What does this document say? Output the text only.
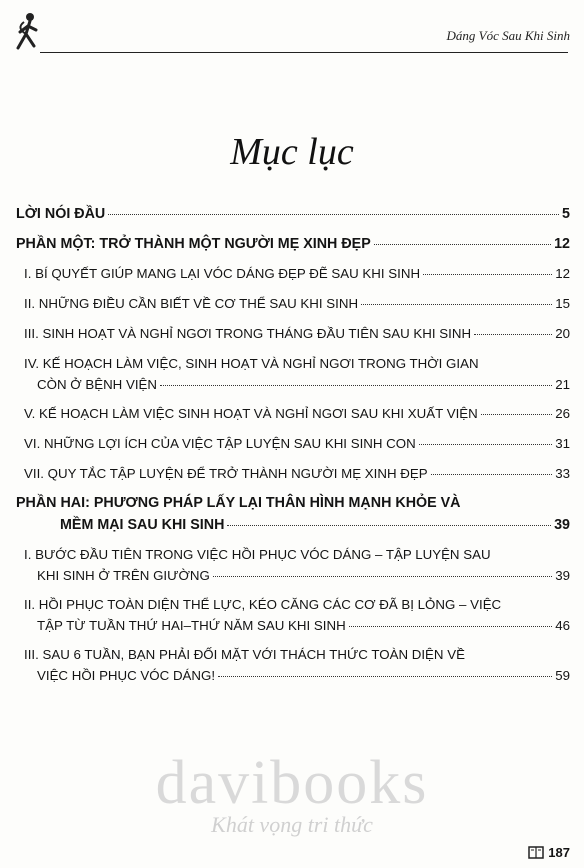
Dáng Vóc Sau Khi Sinh
Mục lục
LỜI NÓI ĐẦU	5
PHẦN MỘT: TRỞ THÀNH MỘT NGƯỜI MẸ XINH ĐẸP	12
I. BÍ QUYẾT GIÚP MANG LẠI VÓC DÁNG ĐẸP ĐẼ SAU KHI SINH	12
II. NHỮNG ĐIỀU CẦN BIẾT VỀ CƠ THỂ SAU KHI SINH	15
III. SINH HOẠT VÀ NGHỈ NGƠI TRONG THÁNG ĐẦU TIÊN SAU KHI SINH	20
IV. KẾ HOẠCH LÀM VIỆC, SINH HOẠT VÀ NGHỈ NGƠI TRONG THỜI GIAN
CÒN Ở BỆNH VIỆN	21
V. KẾ HOẠCH LÀM VIỆC SINH HOẠT VÀ NGHỈ NGƠI SAU KHI XUẤT VIỆN	26
VI. NHỮNG LỢI ÍCH CỦA VIỆC TẬP LUYỆN SAU KHI SINH CON	31
VII. QUY TẮC TẬP LUYỆN ĐỂ TRỞ THÀNH NGƯỜI MẸ XINH ĐẸP	33
PHẦN HAI: PHƯƠNG PHÁP LẤY LẠI THÂN HÌNH MẠNH KHỎE VÀ
MỀM MẠI SAU KHI SINH	39
I. BƯỚC ĐẦU TIÊN TRONG VIỆC HỒI PHỤC VÓC DÁNG – TẬP LUYỆN SAU
KHI SINH Ở TRÊN GIƯỜNG	39
II. HỒI PHỤC TOÀN DIỆN THỂ LỰC, KÉO CĂNG CÁC CƠ ĐÃ BỊ LỎNG – VIỆC
TẬP TỪ TUẦN THỨ HAI–THỨ NĂM SAU KHI SINH	46
III. SAU 6 TUẦN, BẠN PHẢI ĐỐI MẶT VỚI THÁCH THỨC TOÀN DIỆN VỀ
VIỆC HỒI PHỤC VÓC DÁNG!	59
davibooks
Khát vọng tri thức
187
